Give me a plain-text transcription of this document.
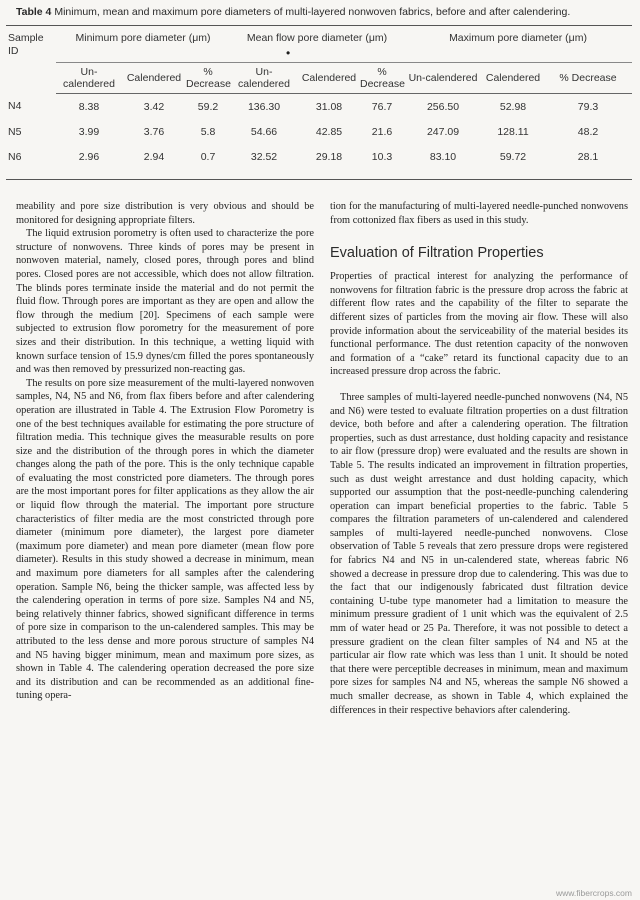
Table 4 Minimum, mean and maximum pore diameters of multi-layered nonwoven fabrics, before and after calendering.
•
Sample ID	Minimum pore diameter (μm)			Mean flow pore diameter (μm)			Maximum pore diameter (μm)		
	Un-calendered	Calendered	% Decrease	Un-calendered	Calendered	% Decrease	Un-calendered	Calendered	% Decrease
N4	8.38	3.42	59.2	136.30	31.08	76.7	256.50	52.98	79.3
N5	3.99	3.76	5.8	54.66	42.85	21.6	247.09	128.11	48.2
N6	2.96	2.94	0.7	32.52	29.18	10.3	83.10	59.72	28.1

meability and pore size distribution is very obvious and should be monitored for designing appropriate filters.

The liquid extrusion porometry is often used to characterize the pore structure of nonwovens. Three kinds of pores may be present in nonwoven material, namely, closed pores, through pores and blind pores. Closed pores are not accessible, which does not allow filtration. The blinds pores terminate inside the material and do not permit the fluid flow. Through pores are important as they are open and allow the flow through the medium [20]. Specimens of each sample were subjected to extrusion flow porometry for the measurement of pore sizes and their distribution. In this technique, a wetting liquid with known surface tension of 15.9 dynes/cm filled the pores spontaneously and was then removed by pressurized non-reacting gas.

The results on pore size measurement of the multi-layered nonwoven samples, N4, N5 and N6, from flax fibers before and after calendering operation are illustrated in Table 4. The Extrusion Flow Porometry is one of the best techniques available for estimating the pore structure of filtration media. This technique gives the measurable results on pore size and the distribution of the through pores in which the diameter changes along the path of the pore. This is the only technique capable of evaluating the most constricted pore diameters. The through pores are the most important pores for filter applications as they allow the air or liquid flow through the material. The important pore structure characteristics of filter media are the most constricted through pore diameter (minimum pore diameter), the largest pore diameter (maximum pore diameter) and mean pore diameter (mean flow pore diameter). Results in this study showed a decrease in minimum, mean and maximum pore diameters for all samples after the calendering operation. Sample N6, being the thicker sample, was affected less by the calendering operation in terms of pore size. Samples N4 and N5, being relatively thinner fabrics, showed significant difference in terms of pore size in comparison to the un-calendered samples. This may be attributed to the less dense and more porous structure of samples N4 and N5 having bigger minimum, mean and maximum pore sizes, as shown in Table 4. The calendering operation decreased the pore size and its distribution and can be recommended as an additional fine-tuning opera-

tion for the manufacturing of multi-layered needle-punched nonwovens from cottonized flax fibers as used in this study.

Evaluation of Filtration Properties

Properties of practical interest for analyzing the performance of nonwovens for filtration fabric is the pressure drop across the fabric at different flow rates and the capability of the filter to separate the different sizes of particles from the moving air flow. These will also provide information about the serviceability of the material besides its functional performance. The dust retention capacity of the nonwoven and formation of a “cake” retard its functional capacity due to an increased pressure drop across the fabric.

Three samples of multi-layered needle-punched nonwovens (N4, N5 and N6) were tested to evaluate filtration properties on a dust filtration device, both before and after a calendering operation. The filtration properties, such as dust arrestance, dust holding capacity and resistance to air flow (pressure drop) were evaluated and the results are shown in Table 5. The results indicated an improvement in filtration properties, such as dust weight arrestance and dust holding capacity, which supported our assumption that the post-needle-punching calendering operation can impart beneficial properties to the fabric. Table 5 compares the filtration parameters of un-calendered and calendered samples of multi-layered needle-punched nonwovens. Close observation of Table 5 reveals that zero pressure drops were registered for fabrics N4 and N5 in un-calendered state, whereas fabric N6 showed a decrease in pressure drop due to calendering. This was due to the fact that our indigenously fabricated dust filtration device containing U-tube type manometer had a limitation to measure the minimum pressure gradient of 1 unit which was the equivalent of 2.5 mm of water head or 25 Pa. Therefore, it was not possible to detect a pressure gradient on the clean filter samples of N4 and N5 at the particular air flow rate which was less than 1 unit. It should be noted that there were perceptible decreases in minimum, mean and maximum pore sizes for samples N4 and N5, whereas the sample N6 showed a much smaller decrease, as shown in Table 4, which explained the differences in their respective behaviors after calendering.

www.fibercrops.com
